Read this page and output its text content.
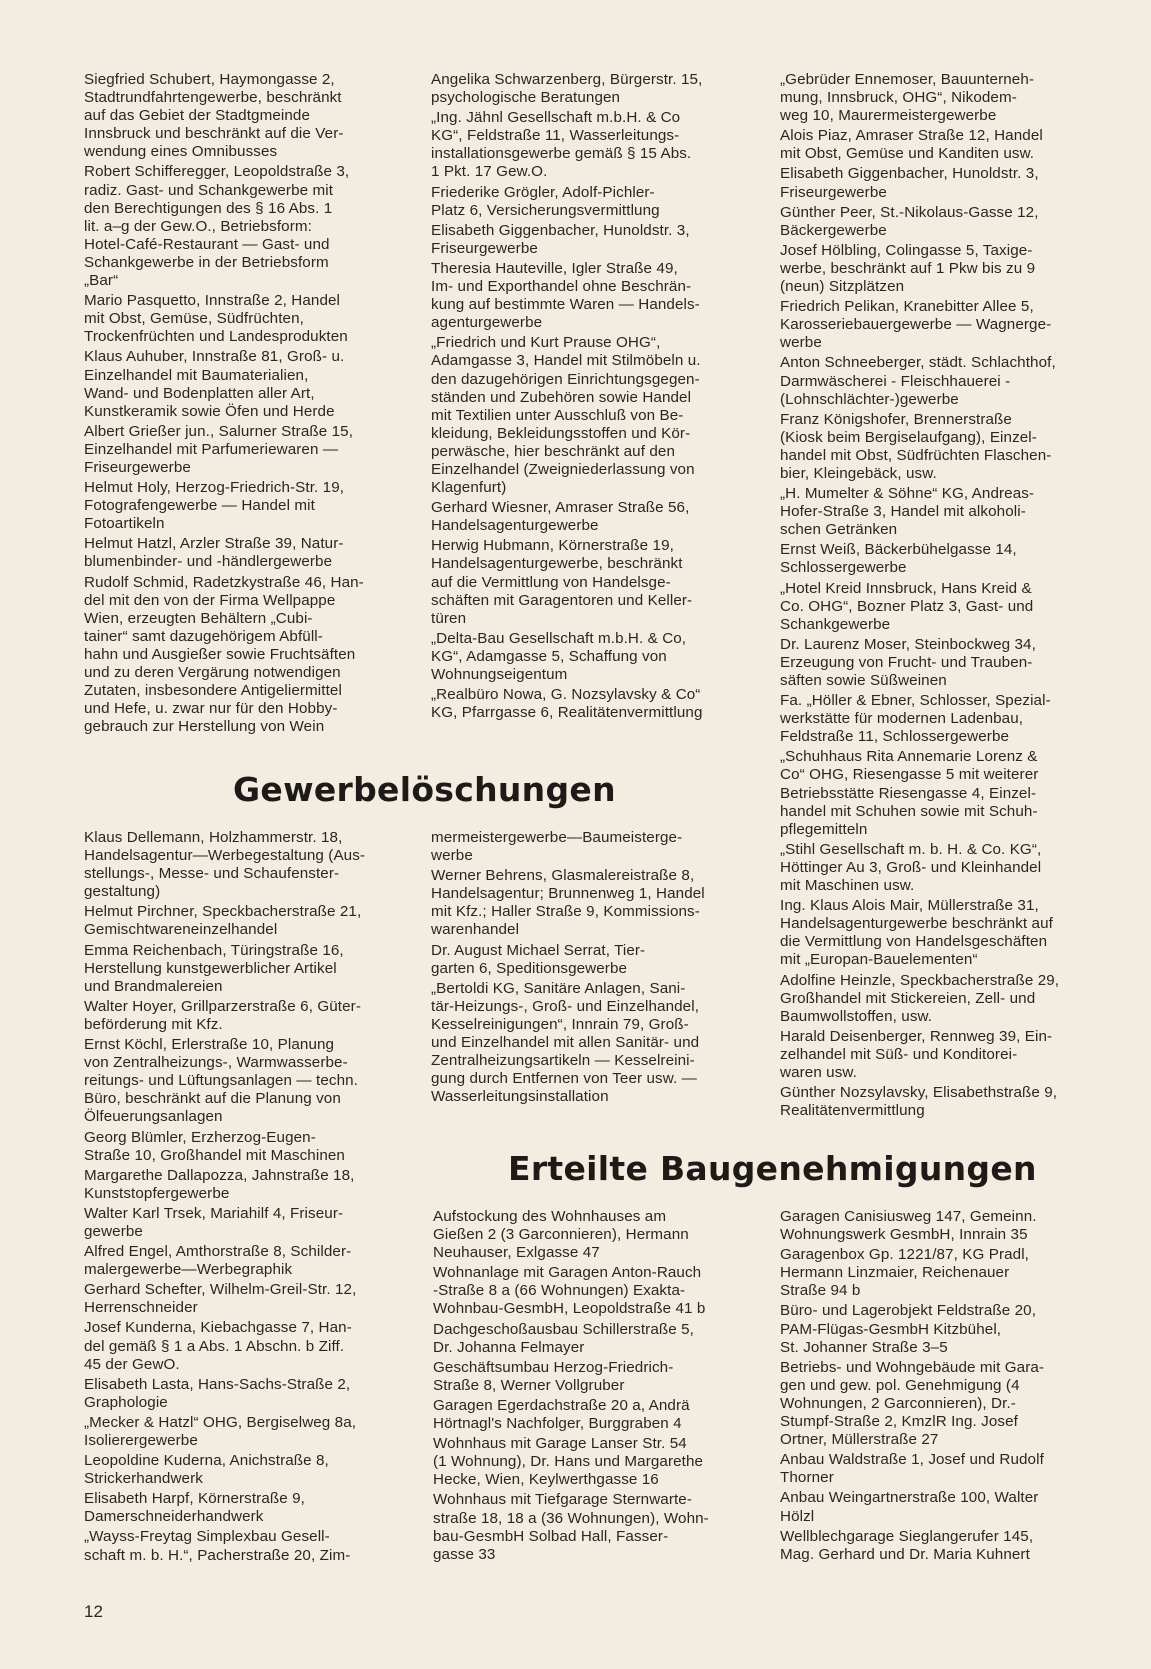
Siegfried Schubert, Haymongasse 2,
Stadtrundfahrtengewerbe, beschränkt
auf das Gebiet der Stadtgmeinde
Innsbruck und beschränkt auf die Ver-
wendung eines Omnibusses
Robert Schifferegger, Leopoldstraße 3,
radiz. Gast- und Schankgewerbe mit
den Berechtigungen des § 16 Abs. 1
lit. a–g der Gew.O., Betriebsform:
Hotel-Café-Restaurant — Gast- und
Schankgewerbe in der Betriebsform
„Bar“
Mario Pasquetto, Innstraße 2, Handel
mit Obst, Gemüse, Südfrüchten,
Trockenfrüchten und Landesprodukten
Klaus Auhuber, Innstraße 81, Groß- u.
Einzelhandel mit Baumaterialien,
Wand- und Bodenplatten aller Art,
Kunstkeramik sowie Öfen und Herde
Albert Grießer jun., Salurner Straße 15,
Einzelhandel mit Parfumeriewaren —
Friseurgewerbe
Helmut Holy, Herzog-Friedrich-Str. 19,
Fotografengewerbe — Handel mit
Fotoartikeln
Helmut Hatzl, Arzler Straße 39, Natur-
blumenbinder- und -händlergewerbe
Rudolf Schmid, Radetzkystraße 46, Han-
del mit den von der Firma Wellpappe
Wien, erzeugten Behältern „Cubi-
tainer“ samt dazugehörigem Abfüll-
hahn und Ausgießer sowie Fruchtsäften
und zu deren Vergärung notwendigen
Zutaten, insbesondere Antigeliermittel
und Hefe, u. zwar nur für den Hobby-
gebrauch zur Herstellung von Wein
Angelika Schwarzenberg, Bürgerstr. 15,
psychologische Beratungen
„Ing. Jähnl Gesellschaft m.b.H. & Co
KG“, Feldstraße 11, Wasserleitungs-
installationsgewerbe gemäß § 15 Abs.
1 Pkt. 17 Gew.O.
Friederike Grögler, Adolf-Pichler-
Platz 6, Versicherungsvermittlung
Elisabeth Giggenbacher, Hunoldstr. 3,
Friseurgewerbe
Theresia Hauteville, Igler Straße 49,
Im- und Exporthandel ohne Beschrän-
kung auf bestimmte Waren — Handels-
agenturgewerbe
„Friedrich und Kurt Prause OHG“,
Adamgasse 3, Handel mit Stilmöbeln u.
den dazugehörigen Einrichtungsgegen-
ständen und Zubehören sowie Handel
mit Textilien unter Ausschluß von Be-
kleidung, Bekleidungsstoffen und Kör-
perwäsche, hier beschränkt auf den
Einzelhandel (Zweigniederlassung von
Klagenfurt)
Gerhard Wiesner, Amraser Straße 56,
Handelsagenturgewerbe
Herwig Hubmann, Körnerstraße 19,
Handelsagenturgewerbe, beschränkt
auf die Vermittlung von Handelsge-
schäften mit Garagentoren und Keller-
türen
„Delta-Bau Gesellschaft m.b.H. & Co,
KG“, Adamgasse 5, Schaffung von
Wohnungseigentum
„Realbüro Nowa, G. Nozsylavsky & Co“
KG, Pfarrgasse 6, Realitätenvermittlung
„Gebrüder Ennemoser, Bauunterneh-
mung, Innsbruck, OHG“, Nikodem-
weg 10, Maurermeistergewerbe
Alois Piaz, Amraser Straße 12, Handel
mit Obst, Gemüse und Kanditen usw.
Elisabeth Giggenbacher, Hunoldstr. 3,
Friseurgewerbe
Günther Peer, St.-Nikolaus-Gasse 12,
Bäckergewerbe
Josef Hölbling, Colingasse 5, Taxige-
werbe, beschränkt auf 1 Pkw bis zu 9
(neun) Sitzplätzen
Friedrich Pelikan, Kranebitter Allee 5,
Karosseriebauergewerbe — Wagnerge-
werbe
Anton Schneeberger, städt. Schlachthof,
Darmwäscherei - Fleischhauerei -
(Lohnschlächter-)gewerbe
Franz Königshofer, Brennerstraße
(Kiosk beim Bergiselaufgang), Einzel-
handel mit Obst, Südfrüchten Flaschen-
bier, Kleingebäck, usw.
„H. Mumelter & Söhne“ KG, Andreas-
Hofer-Straße 3, Handel mit alkoholi-
schen Getränken
Ernst Weiß, Bäckerbühelgasse 14,
Schlossergewerbe
„Hotel Kreid Innsbruck, Hans Kreid &
Co. OHG“, Bozner Platz 3, Gast- und
Schankgewerbe
Dr. Laurenz Moser, Steinbockweg 34,
Erzeugung von Frucht- und Trauben-
säften sowie Süßweinen
Fa. „Höller & Ebner, Schlosser, Spezial-
werkstätte für modernen Ladenbau,
Feldstraße 11, Schlossergewerbe
„Schuhhaus Rita Annemarie Lorenz &
Co“ OHG, Riesengasse 5 mit weiterer
Betriebsstätte Riesengasse 4, Einzel-
handel mit Schuhen sowie mit Schuh-
pflegemitteln
„Stihl Gesellschaft m. b. H. & Co. KG“,
Höttinger Au 3, Groß- und Kleinhandel
mit Maschinen usw.
Ing. Klaus Alois Mair, Müllerstraße 31,
Handelsagenturgewerbe beschränkt auf
die Vermittlung von Handelsgeschäften
mit „Europan-Bauelementen“
Adolfine Heinzle, Speckbacherstraße 29,
Großhandel mit Stickereien, Zell- und
Baumwollstoffen, usw.
Harald Deisenberger, Rennweg 39, Ein-
zelhandel mit Süß- und Konditorei-
waren usw.
Günther Nozsylavsky, Elisabethstraße 9,
Realitätenvermittlung
Gewerbelöschungen
Klaus Dellemann, Holzhammerstr. 18,
Handelsagentur—Werbegestaltung (Aus-
stellungs-, Messe- und Schaufenster-
gestaltung)
Helmut Pirchner, Speckbacherstraße 21,
Gemischtwareneinzelhandel
Emma Reichenbach, Türingstraße 16,
Herstellung kunstgewerblicher Artikel
und Brandmalereien
Walter Hoyer, Grillparzerstraße 6, Güter-
beförderung mit Kfz.
Ernst Köchl, Erlerstraße 10, Planung
von Zentralheizungs-, Warmwasserbe-
reitungs- und Lüftungsanlagen — techn.
Büro, beschränkt auf die Planung von
Ölfeuerungsanlagen
Georg Blümler, Erzherzog-Eugen-
Straße 10, Großhandel mit Maschinen
Margarethe Dallapozza, Jahnstraße 18,
Kunststopfergewerbe
Walter Karl Trsek, Mariahilf 4, Friseur-
gewerbe
Alfred Engel, Amthorstraße 8, Schilder-
malergewerbe—Werbegraphik
Gerhard Schefter, Wilhelm-Greil-Str. 12,
Herrenschneider
Josef Kunderna, Kiebachgasse 7, Han-
del gemäß § 1 a Abs. 1 Abschn. b Ziff.
45 der GewO.
Elisabeth Lasta, Hans-Sachs-Straße 2,
Graphologie
„Mecker & Hatzl“ OHG, Bergiselweg 8a,
Isolierergewerbe
Leopoldine Kuderna, Anichstraße 8,
Strickerhandwerk
Elisabeth Harpf, Körnerstraße 9,
Damerschneiderhandwerk
„Wayss-Freytag Simplexbau Gesell-
schaft m. b. H.“, Pacherstraße 20, Zim-
mermeistergewerbe—Baumeisterge-
werbe
Werner Behrens, Glasmalereistraße 8,
Handelsagentur; Brunnenweg 1, Handel
mit Kfz.; Haller Straße 9, Kommissions-
warenhandel
Dr. August Michael Serrat, Tier-
garten 6, Speditionsgewerbe
„Bertoldi KG, Sanitäre Anlagen, Sani-
tär-Heizungs-, Groß- und Einzelhandel,
Kesselreinigungen“, Innrain 79, Groß-
und Einzelhandel mit allen Sanitär- und
Zentralheizungsartikeln — Kesselreini-
gung durch Entfernen von Teer usw. —
Wasserleitungsinstallation
Erteilte Baugenehmigungen
Aufstockung des Wohnhauses am
Gießen 2 (3 Garconnieren), Hermann
Neuhauser, Exlgasse 47
Wohnanlage mit Garagen Anton-Rauch
-Straße 8 a (66 Wohnungen) Exakta-
Wohnbau-GesmbH, Leopoldstraße 41 b
Dachgeschoßausbau Schillerstraße 5,
Dr. Johanna Felmayer
Geschäftsumbau Herzog-Friedrich-
Straße 8, Werner Vollgruber
Garagen Egerdachstraße 20 a, Andrä
Hörtnagl's Nachfolger, Burggraben 4
Wohnhaus mit Garage Lanser Str. 54
(1 Wohnung), Dr. Hans und Margarethe
Hecke, Wien, Keylwerthgasse 16
Wohnhaus mit Tiefgarage Sternwarte-
straße 18, 18 a (36 Wohnungen), Wohn-
bau-GesmbH Solbad Hall, Fasser-
gasse 33
Garagen Canisiusweg 147, Gemeinn.
Wohnungswerk GesmbH, Innrain 35
Garagenbox Gp. 1221/87, KG Pradl,
Hermann Linzmaier, Reichenauer
Straße 94 b
Büro- und Lagerobjekt Feldstraße 20,
PAM-Flügas-GesmbH Kitzbühel,
St. Johanner Straße 3–5
Betriebs- und Wohngebäude mit Gara-
gen und gew. pol. Genehmigung (4
Wohnungen, 2 Garconnieren), Dr.-
Stumpf-Straße 2, KmzlR Ing. Josef
Ortner, Müllerstraße 27
Anbau Waldstraße 1, Josef und Rudolf
Thorner
Anbau Weingartnerstraße 100, Walter
Hölzl
Wellblechgarage Sieglangerufer 145,
Mag. Gerhard und Dr. Maria Kuhnert
12
